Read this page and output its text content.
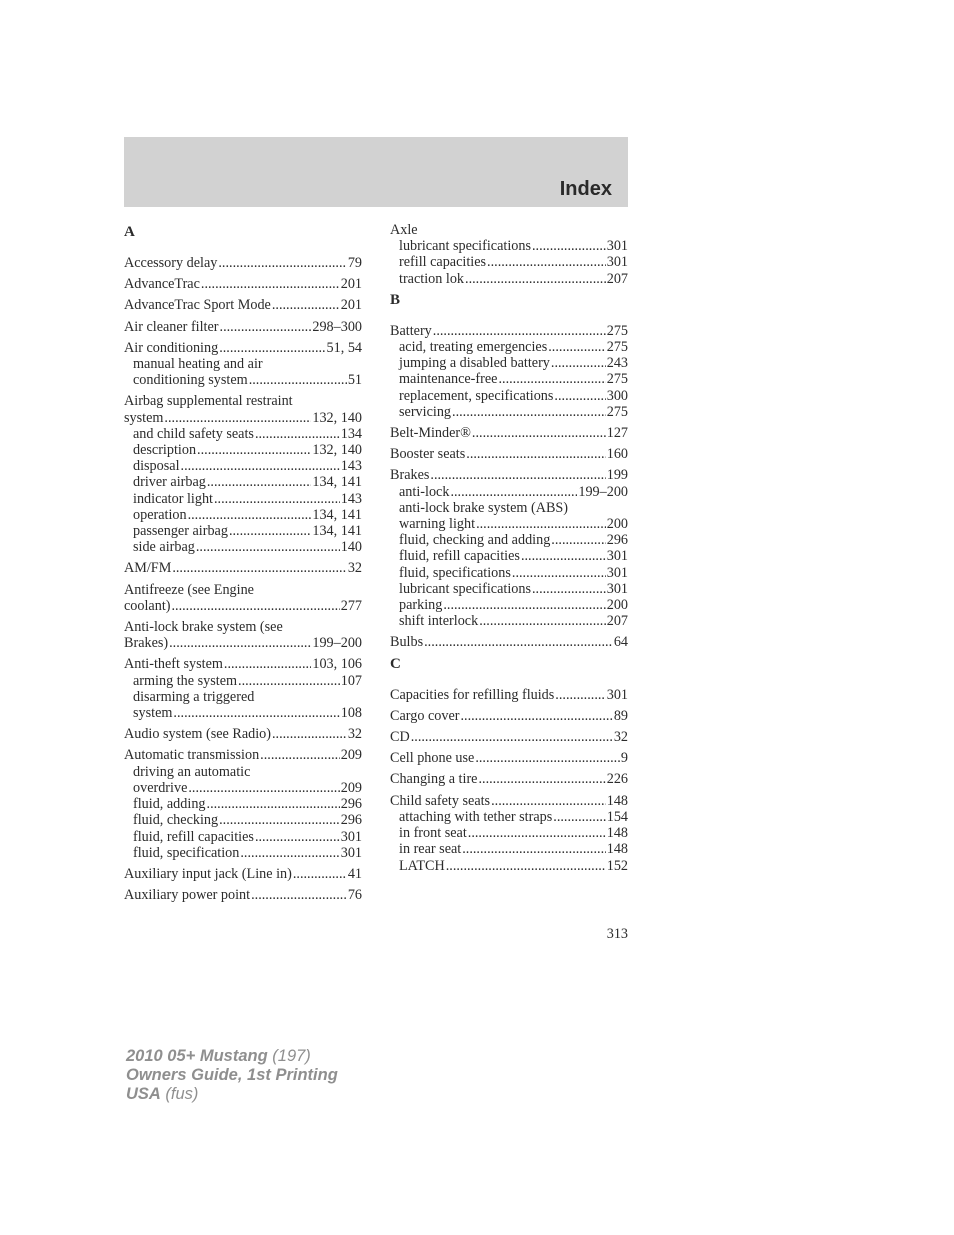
Index
A
Accessory delay .....	79
AdvanceTrac .....	201
AdvanceTrac Sport Mode .....	201
Air cleaner filter .....	298–300
Air conditioning .....	51, 54
manual heating and air
conditioning system .....	51
Airbag supplemental restraint
system .....	132, 140
and child safety seats .....	134
description .....	132, 140
disposal .....	143
driver airbag .....	134, 141
indicator light .....	143
operation .....	134, 141
passenger airbag .....	134, 141
side airbag .....	140
AM/FM .....	32
Antifreeze (see Engine
coolant) .....	277
Anti-lock brake system (see
Brakes) .....	199–200
Anti-theft system .....	103, 106
arming the system .....	107
disarming a triggered
system .....	108
Audio system (see Radio) .....	32
Automatic transmission .....	209
driving an automatic
overdrive .....	209
fluid, adding .....	296
fluid, checking .....	296
fluid, refill capacities .....	301
fluid, specification .....	301
Auxiliary input jack (Line in) .....	41
Auxiliary power point .....	76
Axle
lubricant specifications .....	301
refill capacities .....	301
traction lok .....	207
B
Battery .....	275
acid, treating emergencies .....	275
jumping a disabled battery .....	243
maintenance-free .....	275
replacement, specifications .....	300
servicing .....	275
Belt-Minder® .....	127
Booster seats .....	160
Brakes .....	199
anti-lock .....	199–200
anti-lock brake system (ABS)
warning light .....	200
fluid, checking and adding .....	296
fluid, refill capacities .....	301
fluid, specifications .....	301
lubricant specifications .....	301
parking .....	200
shift interlock .....	207
Bulbs .....	64
C
Capacities for refilling fluids .....	301
Cargo cover .....	89
CD .....	32
Cell phone use .....	9
Changing a tire .....	226
Child safety seats .....	148
attaching with tether straps .....	154
in front seat .....	148
in rear seat .....	148
LATCH .....	152
313
2010 05+ Mustang (197)
Owners Guide, 1st Printing
USA (fus)
